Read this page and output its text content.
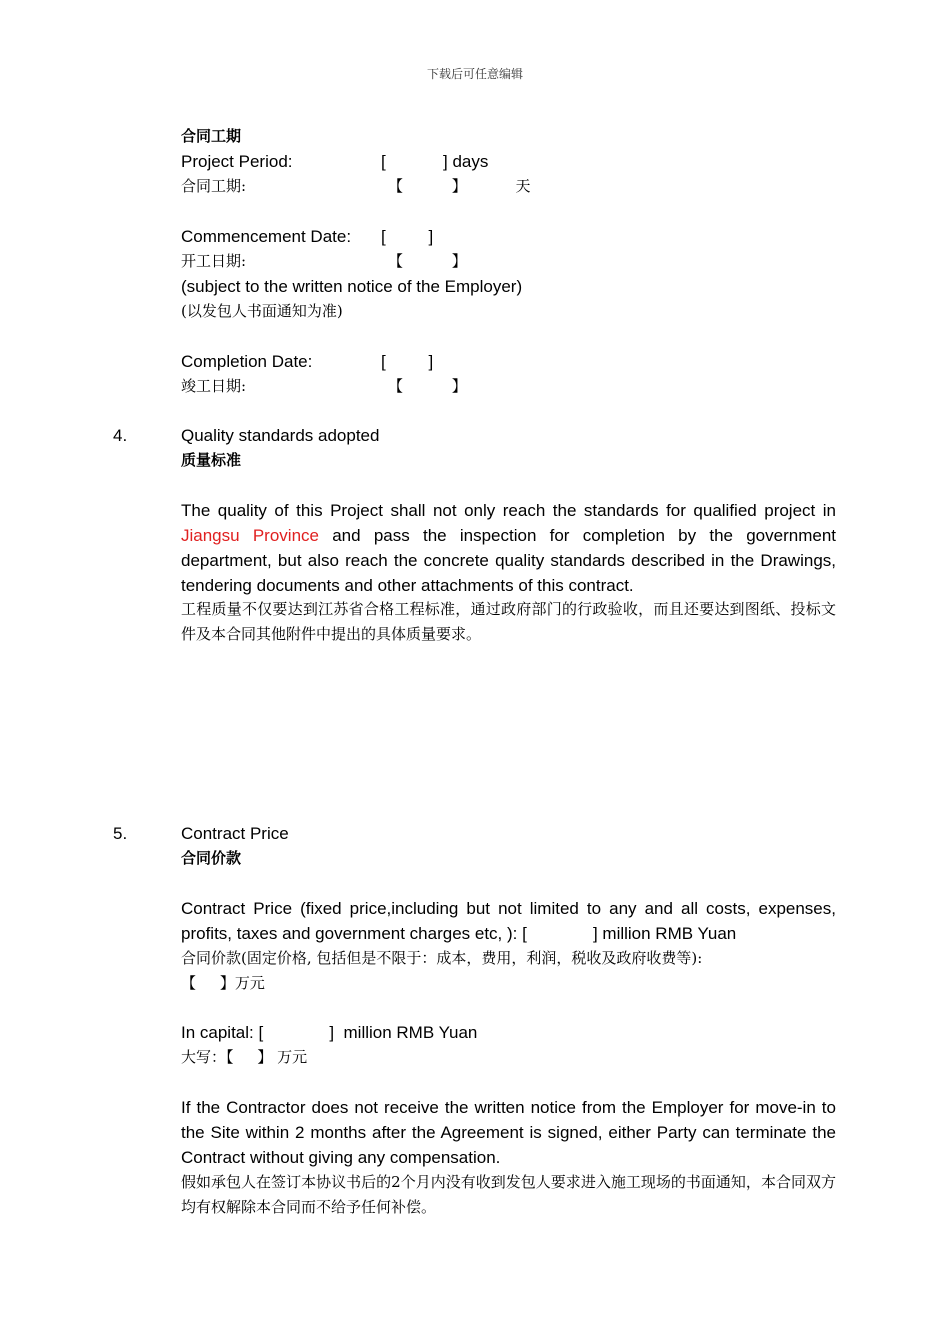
下载后可任意编辑
合同工期
Project Period:	[	] days
合同工期:	【 】 天
Commencement Date: [ ]
开工日期:	【 】
(subject to the written notice of the Employer)
(以发包人书面通知为准)
Completion Date:	[ ]
竣工日期:	【 】
4.	Quality standards adopted
质量标准
The quality of this Project shall not only reach the standards for qualified project in Jiangsu Province and pass the inspection for completion by the government department, but also reach the concrete quality standards described in the Drawings, tendering documents and other attachments of this contract.
工程质量不仅要达到江苏省合格工程标准，通过政府部门的行政验收，而且还要达到图纸、投标文件及本合同其他附件中提出的具体质量要求。
5.	Contract Price
合同价款
Contract Price (fixed price,including but not limited to any and all costs, expenses, profits, taxes and government charges etc, ): [              ] million RMB Yuan
合同价款(固定价格, 包括但是不限于：成本，费用，利润，税收及政府收费等):
【     】万元
In capital: [              ]  million RMB Yuan
大写：【     】 万元
If the Contractor does not receive the written notice from the Employer for move-in to the Site within 2 months after the Agreement is signed, either Party can terminate the Contract without giving any compensation.
假如承包人在签订本协议书后的2个月内没有收到发包人要求进入施工现场的书面通知，本合同双方均有权解除本合同而不给予任何补偿。
